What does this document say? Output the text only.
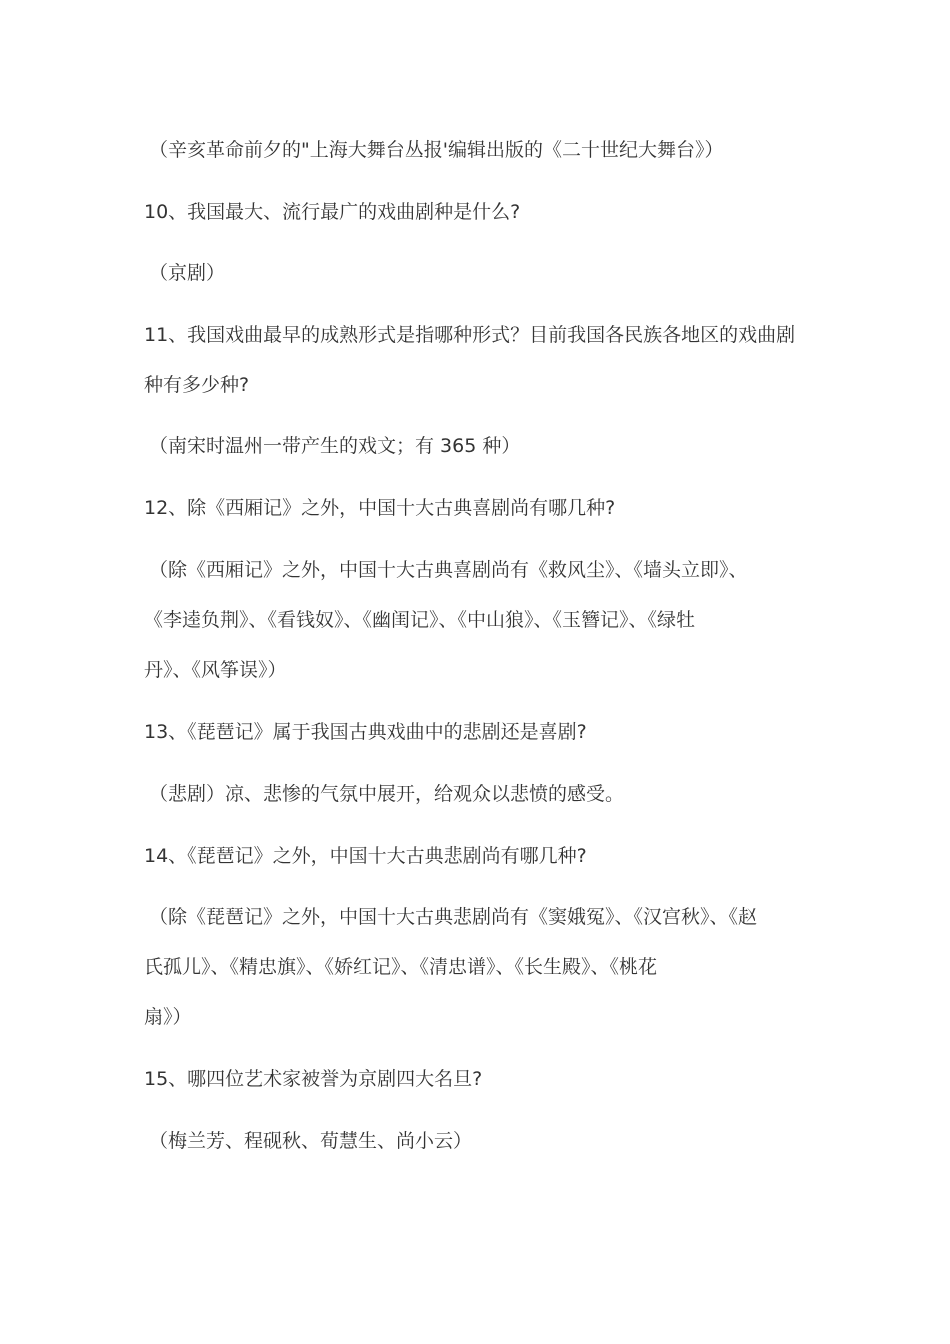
（辛亥革命前夕的"上海大舞台丛报'编辑出版的《二十世纪大舞台》）
10、我国最大、流行最广的戏曲剧种是什么?
（京剧）
11、我国戏曲最早的成熟形式是指哪种形式？目前我国各民族各地区的戏曲剧
种有多少种?
（南宋时温州一带产生的戏文；有 365 种）
12、除《西厢记》之外，中国十大古典喜剧尚有哪几种?
（除《西厢记》之外，中国十大古典喜剧尚有《救风尘》、《墙头立即》、
《李逵负荆》、《看钱奴》、《幽闺记》、《中山狼》、《玉簪记》、《绿牡
丹》、《风筝误》）
13、《琵琶记》属于我国古典戏曲中的悲剧还是喜剧?
（悲剧）凉、悲惨的气氛中展开，给观众以悲愤的感受。
14、《琵琶记》之外，中国十大古典悲剧尚有哪几种?
（除《琵琶记》之外，中国十大古典悲剧尚有《窦娥冤》、《汉宫秋》、《赵
氏孤儿》、《精忠旗》、《娇红记》、《清忠谱》、《长生殿》、《桃花
扇》）
15、哪四位艺术家被誉为京剧四大名旦?
（梅兰芳、程砚秋、荀慧生、尚小云）
